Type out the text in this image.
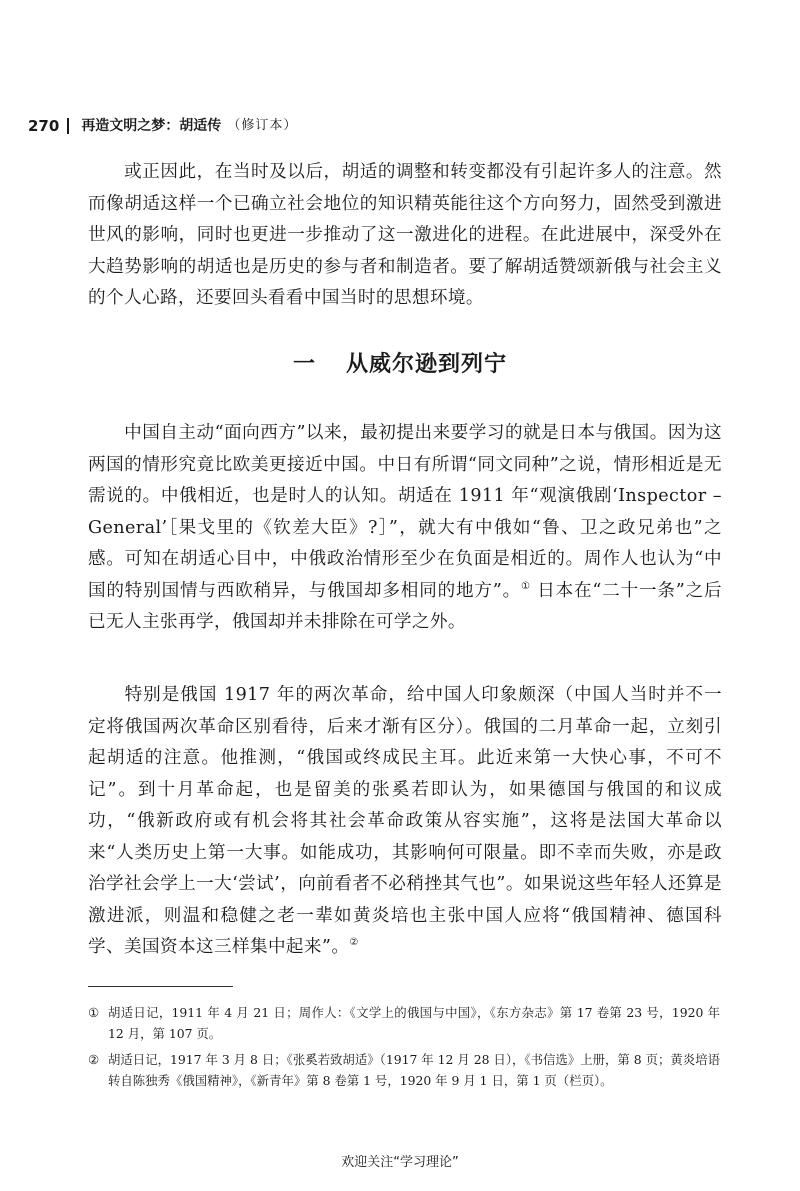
270 再造文明之梦：胡适传 （修订本）

或正因此，在当时及以后，胡适的调整和转变都没有引起许多人的注意。然而像胡适这样一个已确立社会地位的知识精英能往这个方向努力，固然受到激进世风的影响，同时也更进一步推动了这一激进化的进程。在此进展中，深受外在大趋势影响的胡适也是历史的参与者和制造者。要了解胡适赞颂新俄与社会主义的个人心路，还要回头看看中国当时的思想环境。

一 从威尔逊到列宁

中国自主动“面向西方”以来，最初提出来要学习的就是日本与俄国。因为这两国的情形究竟比欧美更接近中国。中日有所谓“同文同种”之说，情形相近是无需说的。中俄相近，也是时人的认知。胡适在 1911 年“观演俄剧‘Inspector – General’［果戈里的《钦差大臣》?］”，就大有中俄如“鲁、卫之政兄弟也”之感。可知在胡适心目中，中俄政治情形至少在负面是相近的。周作人也认为“中国的特别国情与西欧稍异，与俄国却多相同的地方”。① 日本在“二十一条”之后已无人主张再学，俄国却并未排除在可学之外。

特别是俄国 1917 年的两次革命，给中国人印象颇深（中国人当时并不一定将俄国两次革命区别看待，后来才渐有区分）。俄国的二月革命一起，立刻引起胡适的注意。他推测，“俄国或终成民主耳。此近来第一大快心事，不可不记”。到十月革命起，也是留美的张奚若即认为，如果德国与俄国的和议成功，“俄新政府或有机会将其社会革命政策从容实施”，这将是法国大革命以来“人类历史上第一大事。如能成功，其影响何可限量。即不幸而失败，亦是政治学社会学上一大‘尝试’，向前看者不必稍挫其气也”。如果说这些年轻人还算是激进派，则温和稳健之老一辈如黄炎培也主张中国人应将“俄国精神、德国科学、美国资本这三样集中起来”。②

① 胡适日记，1911 年 4 月 21 日；周作人：《文学上的俄国与中国》，《东方杂志》第 17 卷第 23 号，1920 年 12 月，第 107 页。

② 胡适日记，1917 年 3 月 8 日；《张奚若致胡适》（1917 年 12 月 28 日），《书信选》上册，第 8 页；黄炎培语转自陈独秀《俄国精神》，《新青年》第 8 卷第 1 号，1920 年 9 月 1 日，第 1 页（栏页）。

欢迎关注“学习理论”
